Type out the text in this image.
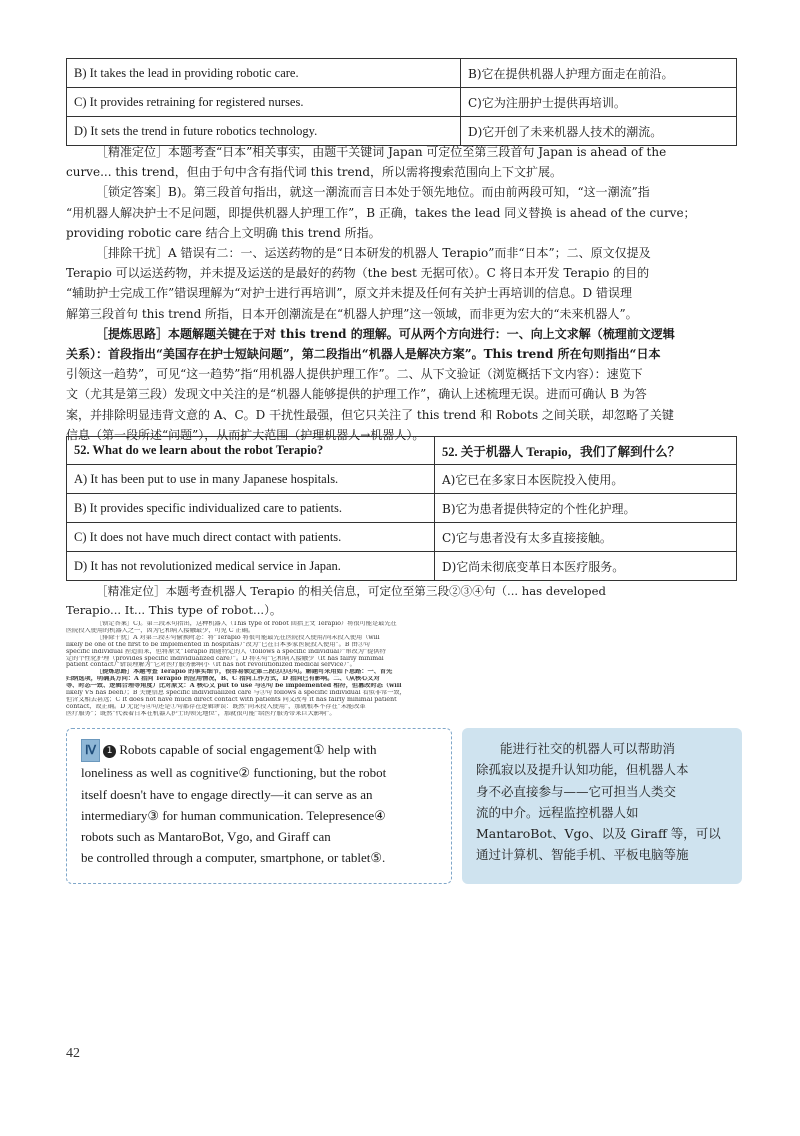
B) It takes the lead in providing robotic care.	B)它在提供机器人护理方面走在前沿。
C) It provides retraining for registered nurses.	C)它为注册护士提供再培训。
D) It sets the trend in future robotics technology.	D)它开创了未来机器人技术的潮流。
［精准定位］本题考查“日本”相关事实，由题干关键词 Japan 可定位至第三段首句 Japan is ahead of the
curve... this trend，但由于句中含有指代词 this trend，所以需将搜索范围向上下文扩展。
［锁定答案］B)。第三段首句指出，就这一潮流而言日本处于领先地位。而由前两段可知，“这一潮流”指
“用机器人解决护士不足问题，即提供机器人护理工作”，B 正确，takes the lead 同义替换 is ahead of the curve；
providing robotic care 结合上文明确 this trend 所指。
［排除干扰］A 错误有二：一、运送药物的是“日本研发的机器人 Terapio”而非“日本”；二、原文仅提及
Terapio 可以运送药物，并未提及运送的是最好的药物（the best 无据可依）。C 将日本开发 Terapio 的目的
“辅助护士完成工作”错误理解为“对护士进行再培训”，原文并未提及任何有关护士再培训的信息。D 错误理
解第三段首句 this trend 所指，日本开创潮流是在“机器人护理”这一领域，而非更为宏大的“未来机器人”。
［提炼思路］本题解题关键在于对 this trend 的理解。可从两个方向进行：一、向上文求解（梳理前文逻辑
关系）：首段指出“美国存在护士短缺问题”，第二段指出“机器人是解决方案”。This trend 所在句则指出“日本
引领这一趋势”，可见“这一趋势”指“用机器人提供护理工作”。二、从下文验证（浏览概括下文内容）：速览下
文（尤其是第三段）发现文中关注的是“机器人能够提供的护理工作”，确认上述梳理无误。进而可确认 B 为答
案，并排除明显违背文意的 A、C。D 干扰性最强，但它只关注了 this trend 和 Robots 之间关联，却忽略了关键
信息（第一段所述“问题”），从而扩大范围（护理机器人→机器人）。
52. What do we learn about the robot Terapio?	52. 关于机器人 Terapio，我们了解到什么？
A) It has been put to use in many Japanese hospitals.	A)它已在多家日本医院投入使用。
B) It provides specific individualized care to patients.	B)它为患者提供特定的个性化护理。
C) It does not have much direct contact with patients.	C)它与患者没有太多直接接触。
D) It has not revolutionized medical service in Japan.	D)它尚未彻底变革日本医疗服务。
［精准定位］本题考查机器人 Terapio 的相关信息，可定位至第三段②③④句（... has developed
Terapio... It... This type of robot...）。
［锁定答案］C)。第三段末句指出，这种机器人（This type of robot 回指上文 Terapio）将很可能是最先在
医院投入使用的机器人之一，因为它和病人接触最少，可见 C 正确。
［排除干扰］A 对第三段④句偷换时态：将“Terapio 将很可能最先在医院投入使用/尚未投入使用（will
likely be one of the first to be implemented in hospitals）”改为“已在日本多家医院投入使用”。B 由③句
specific individual 捏造而来，但将原文“Terapio 跟随特定的人（follows a specific individual）”窜改为“提供特
定的个性化护理（provides specific individualized care）”。D 将④句“它和病人接触少（It has fairly minimal
patient contact）”错误理解为“它对医疗服务影响小（It has not revolutionized medical service）”。
［提炼思路］本题考查 Terapio 的事实细节，很容易锁定第三段②③④句。解题可采用如下思路：一、首先
归纳选项，明确其方向：A 指向 Terapio 的应用情况，B、C 指向工作方式，D 指向已有影响。二、（从核心义对
等、时态一致、逻辑合理等角度）比对原文：A 核心义 put to use 与④句 be implemented 相符，但篡改时态（will
likely VS has been）；B 关键信息 specific individualized care 与③句 follows a specific individual 看似非常一致，
但含义相去甚远；C It does not have much direct contact with patients 同义改写 it has fairly minimal patient
contact，故正确。D 无论与④句还是①句都存在逻辑谬误：既然“尚未投入使用”，那就根本不存在“未能改革
医疗服务”；既然“代表着日本在机器人护士的领先地位”，那就很可能“给医疗服务带来巨大影响”。
Ⅳ 1 Robots capable of social engagement① help with
loneliness as well as cognitive② functioning, but the robot
itself doesn't have to engage directly—it can serve as an
intermediary③ for human communication. Telepresence④
robots such as MantaroBot, Vgo, and Giraff can
be controlled through a computer, smartphone, or tablet⑤.
能进行社交的机器人可以帮助消
除孤寂以及提升认知功能，但机器人本
身不必直接参与——它可担当人类交
流的中介。远程监控机器人如
MantaroBot、Vgo、以及 Giraff 等，可以
通过计算机、智能手机、平板电脑等施
42
